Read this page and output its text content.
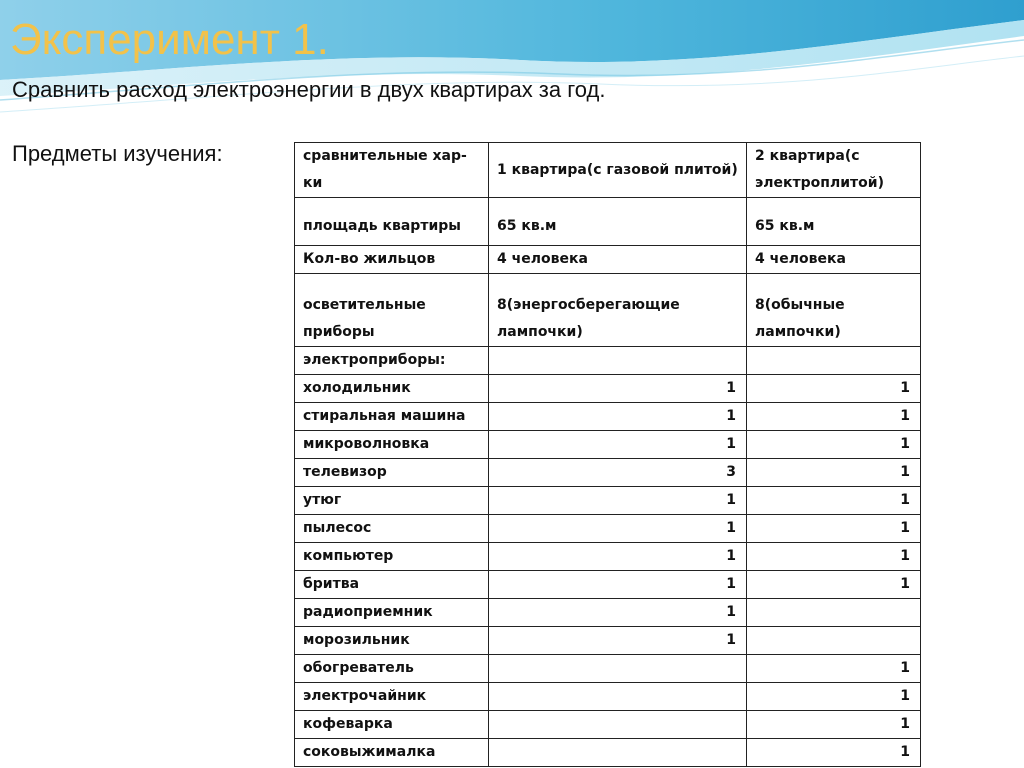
Эксперимент 1.

Сравнить расход электроэнергии в двух квартирах за год.

Предметы изучения:	сравнительные хар-ки	1 квартира(с газовой плитой)	2 квартира(с электроплитой)
площадь квартиры	65 кв.м	65 кв.м
Кол-во жильцов	4 человека	4 человека
осветительные приборы	8(энергосберегающие лампочки)	8(обычные лампочки)
электроприборы:		
холодильник	1	1
стиральная машина	1	1
микроволновка	1	1
телевизор	3	1
утюг	1	1
пылесос	1	1
компьютер	1	1
бритва	1	1
радиоприемник	1	
морозильник	1	
обогреватель		1
электрочайник		1
кофеварка		1
соковыжималка		1
